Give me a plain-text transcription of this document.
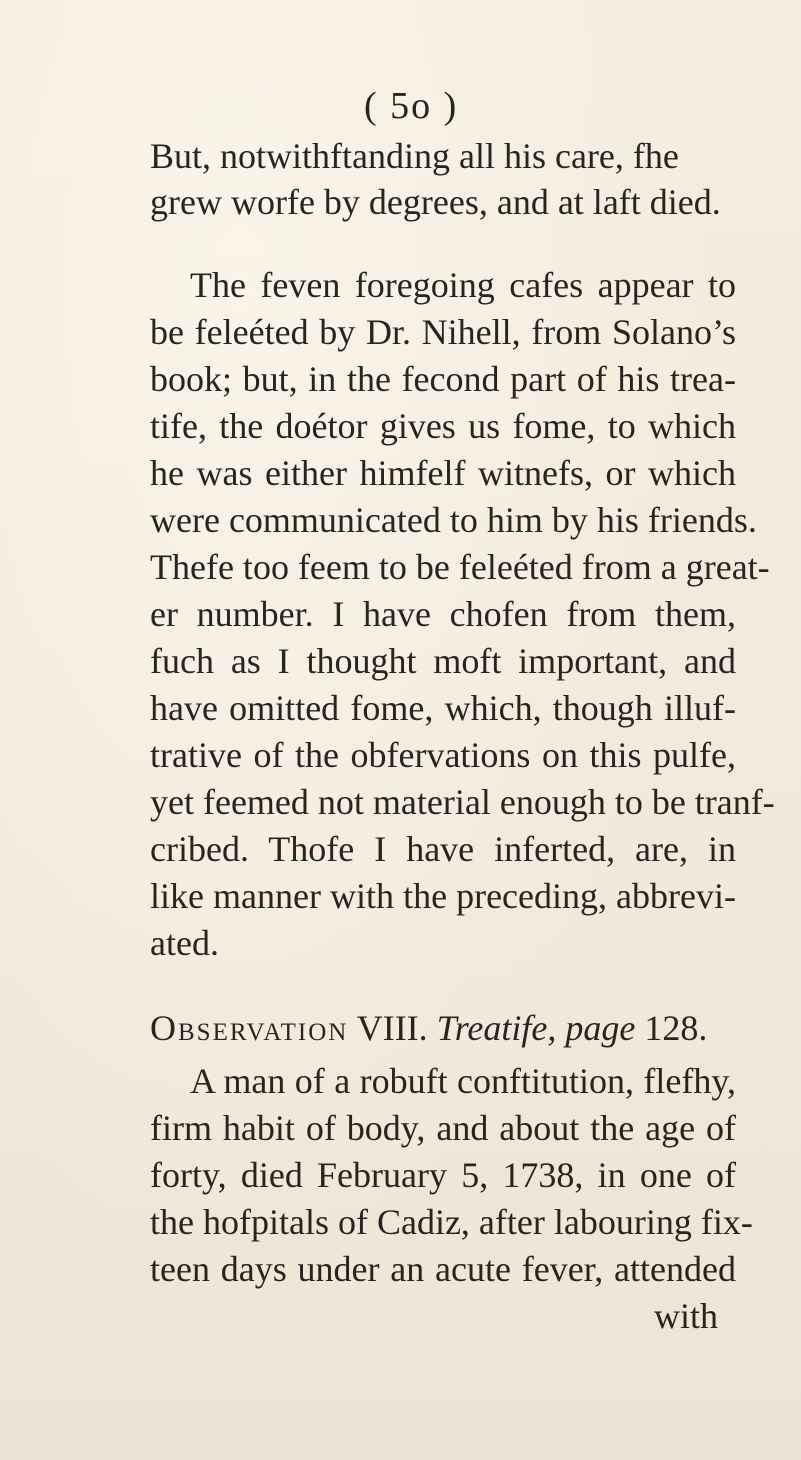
( 5o )
But, notwithftanding all his care, fhe
grew worfe by degrees, and at laft died.
The feven foregoing cafes appear to
be feleéted by Dr. Nihell, from Solano’s
book; but, in the fecond part of his trea-
tife, the doétor gives us fome, to which
he was either himfelf witnefs, or which
were communicated to him by his friends.
Thefe too feem to be feleéted from a great-
er number. I have chofen from them,
fuch as I thought moft important, and
have omitted fome, which, though illuf-
trative of the obfervations on this pulfe,
yet feemed not material enough to be tranf-
cribed. Thofe I have inferted, are, in
like manner with the preceding, abbrevi-
ated.
Observation VIII. Treatife, page 128.
A man of a robuft conftitution, flefhy,
firm habit of body, and about the age of
forty, died February 5, 1738, in one of
the hofpitals of Cadiz, after labouring fix-
teen days under an acute fever, attended
with
